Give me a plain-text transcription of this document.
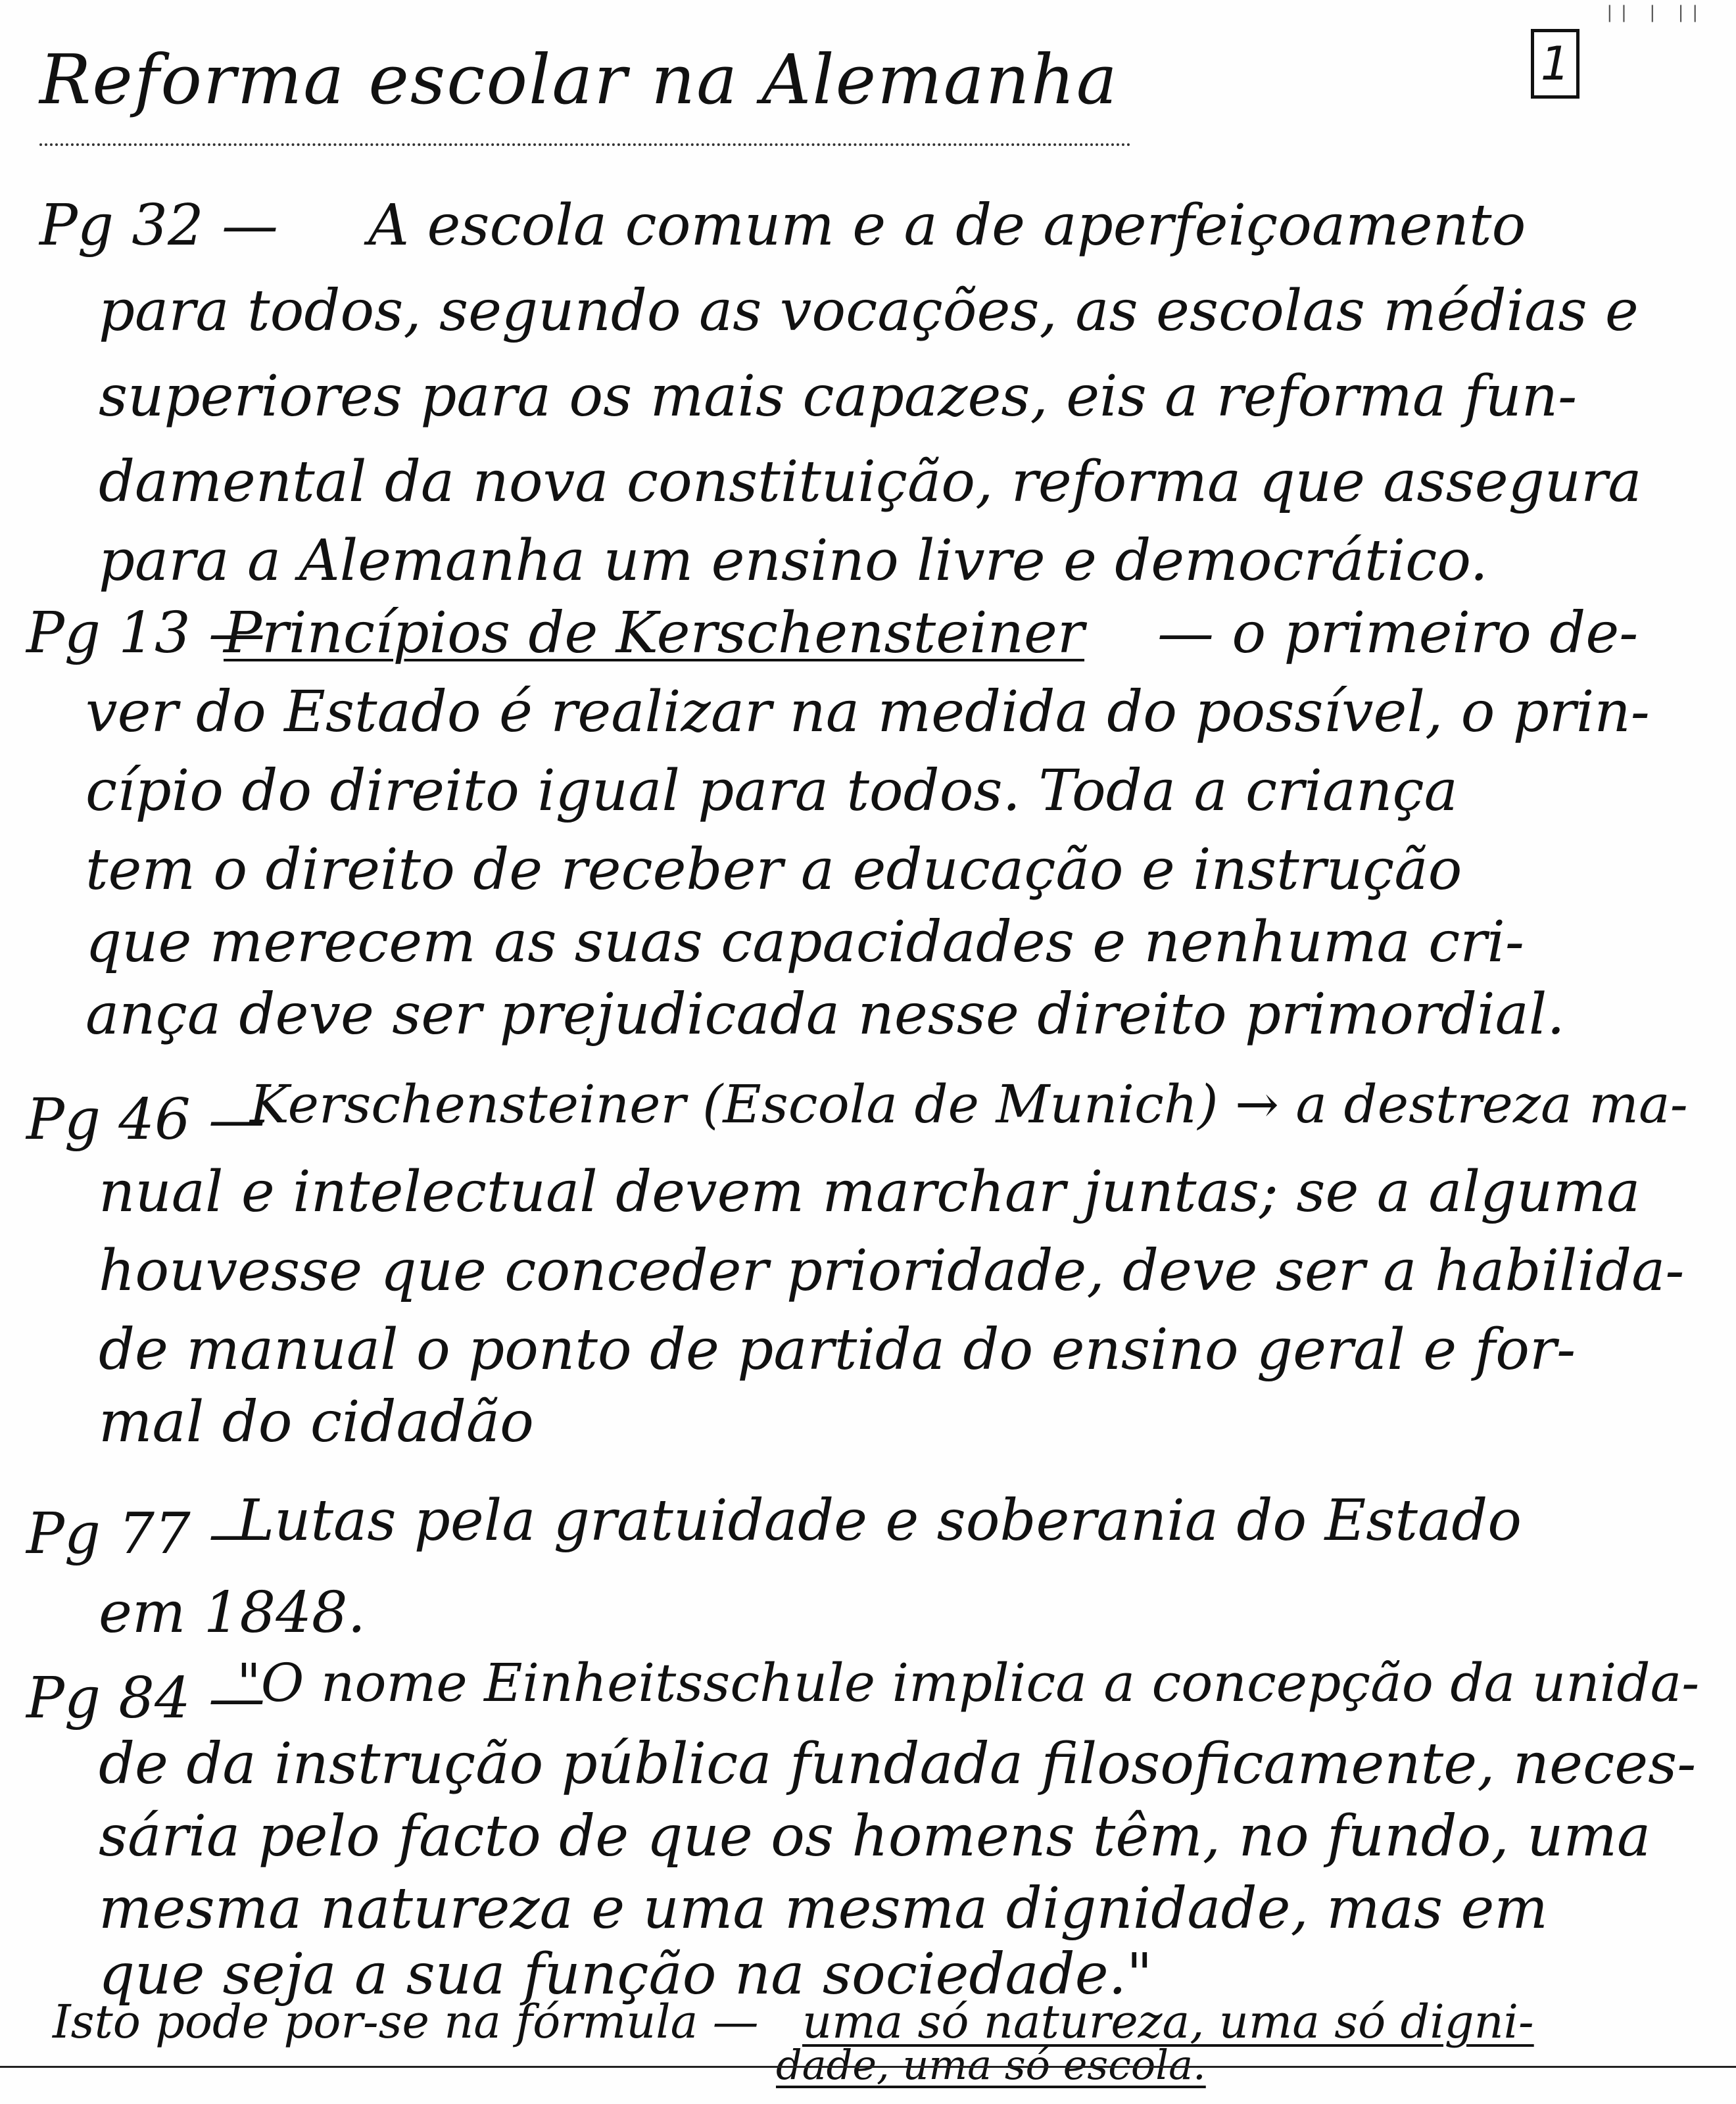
|| | ||
1
Reforma escolar na Alemanha
Pg 32 — A escola comum e a de aperfeiçoamento
para todos, segundo as vocações, as escolas médias e
superiores para os mais capazes, eis a reforma fun-
damental da nova constituição, reforma que assegura
para a Alemanha um ensino livre e democrático.
Pg 13 —
Princípios de Kerschensteiner — o primeiro de-
ver do Estado é realizar na medida do possível, o prin-
cípio do direito igual para todos. Toda a criança
tem o direito de receber a educação e instrução
que merecem as suas capacidades e nenhuma cri-
ança deve ser prejudicada nesse direito primordial.
Pg 46 —
Kerschensteiner (Escola de Munich) → a destreza ma-
nual e intelectual devem marchar juntas; se a alguma
houvesse que conceder prioridade, deve ser a habilida-
de manual o ponto de partida do ensino geral e for-
mal do cidadão
Pg 77 —
Lutas pela gratuidade e soberania do Estado
em 1848.
Pg 84 —
"O nome Einheitsschule implica a concepção da unida-
de da instrução pública fundada filosoficamente, neces-
sária pelo facto de que os homens têm, no fundo, uma
mesma natureza e uma mesma dignidade, mas em
que seja a sua função na sociedade."
Isto pode por-se na fórmula — uma só natureza, uma só digni-
dade, uma só escola.
